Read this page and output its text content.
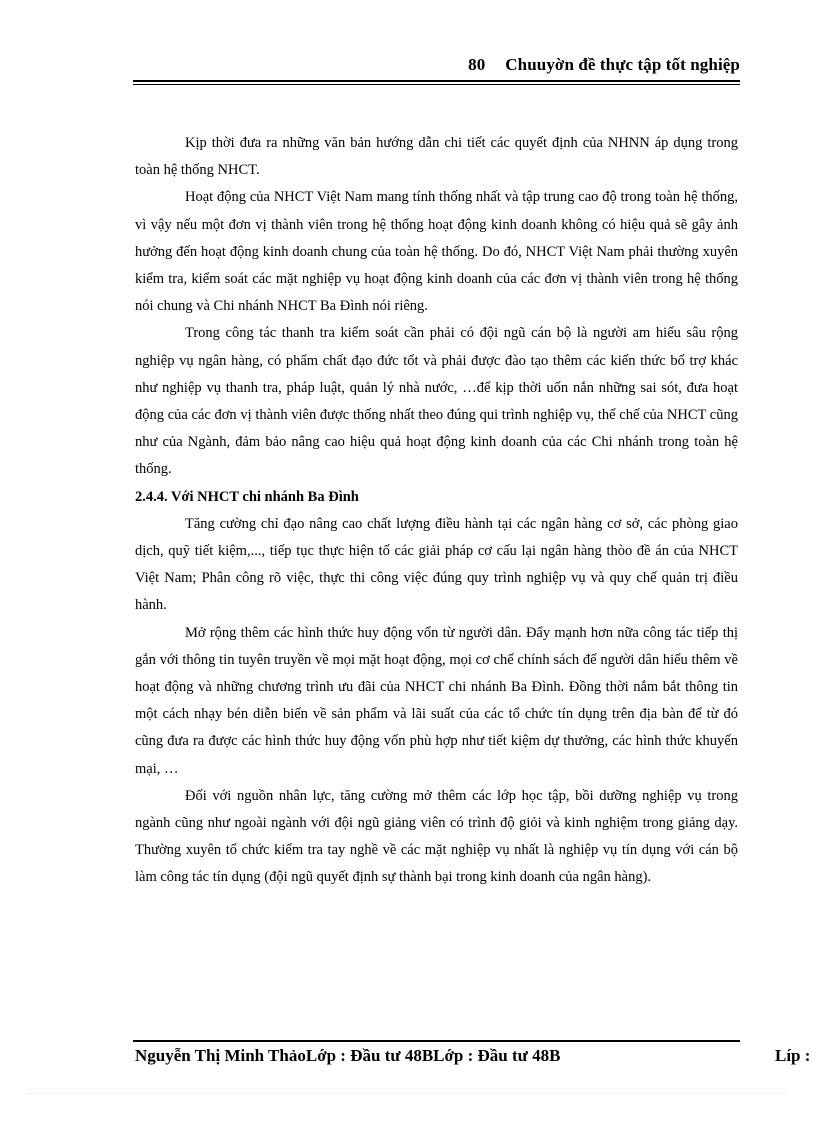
80 Chuuyờn đề thực tập tốt nghiệp

Kịp thời đưa ra những văn bản hướng dẫn chi tiết các quyết định của NHNN áp dụng trong toàn hệ thống NHCT.

Hoạt động của NHCT Việt Nam mang tính thống nhất và tập trung cao độ trong toàn hệ thống, vì vậy nếu một đơn vị thành viên trong hệ thống hoạt động kinh doanh không có hiệu quả sẽ gây ảnh hưởng đến hoạt động kinh doanh chung của toàn hệ thống. Do đó, NHCT Việt Nam phải thường xuyên kiểm tra, kiểm soát các mặt nghiệp vụ hoạt động kinh doanh của các đơn vị thành viên trong hệ thống nói chung và Chi nhánh NHCT Ba Đình nói riêng.

Trong công tác thanh tra kiểm soát cần phải có đội ngũ cán bộ là người am hiểu sâu rộng nghiệp vụ ngân hàng, có phẩm chất đạo đức tốt và phải được đào tạo thêm các kiến thức bổ trợ khác như nghiệp vụ thanh tra, pháp luật, quản lý nhà nước, …để kịp thời uốn nắn những sai sót, đưa hoạt động của các đơn vị thành viên được thống nhất theo đúng qui trình nghiệp vụ, thể chế của NHCT cũng như của Ngành, đảm bảo nâng cao hiệu quả hoạt động kinh doanh của các Chi nhánh trong toàn hệ thống.

2.4.4. Với NHCT chi nhánh Ba Đình

Tăng cường chỉ đạo nâng cao chất lượng điều hành tại các ngân hàng cơ sở, các phòng giao dịch, quỹ tiết kiệm,..., tiếp tục thực hiện tố các giải pháp cơ cấu lại ngân hàng thòo đề án của NHCT Việt Nam; Phân công rõ việc, thực thi công việc đúng quy trình nghiệp vụ và quy chế quản trị điều hành.

Mở rộng thêm các hình thức huy động vốn từ người dân. Đẩy mạnh hơn nữa công tác tiếp thị gắn với thông tin tuyên truyền về mọi mặt hoạt động, mọi cơ chế chính sách để người dân hiểu thêm về hoạt động và những chương trình ưu đãi của NHCT chi nhánh Ba Đình. Đồng thời nắm bắt thông tin một cách nhạy bén diễn biến về sản phẩm và lãi suất của các tổ chức tín dụng trên địa bàn để từ đó cũng đưa ra được các hình thức huy động vốn phù hợp như tiết kiệm dự thưởng, các hình thức khuyến mại, …

Đối với nguồn nhân lực, tăng cường mở thêm các lớp học tập, bồi dưỡng nghiệp vụ trong ngành cũng như ngoài ngành với đội ngũ giảng viên có trình độ giỏi và kinh nghiệm trong giảng dạy. Thường xuyên tổ chức kiểm tra tay nghề về các mặt nghiệp vụ nhất là nghiệp vụ tín dụng với cán bộ làm công tác tín dụng (đội ngũ quyết định sự thành bại trong kinh doanh của ngân hàng).

Nguyễn Thị Minh ThảoLớp : Đầu tư 48BLớp : Đầu tư 48B	Líp :
